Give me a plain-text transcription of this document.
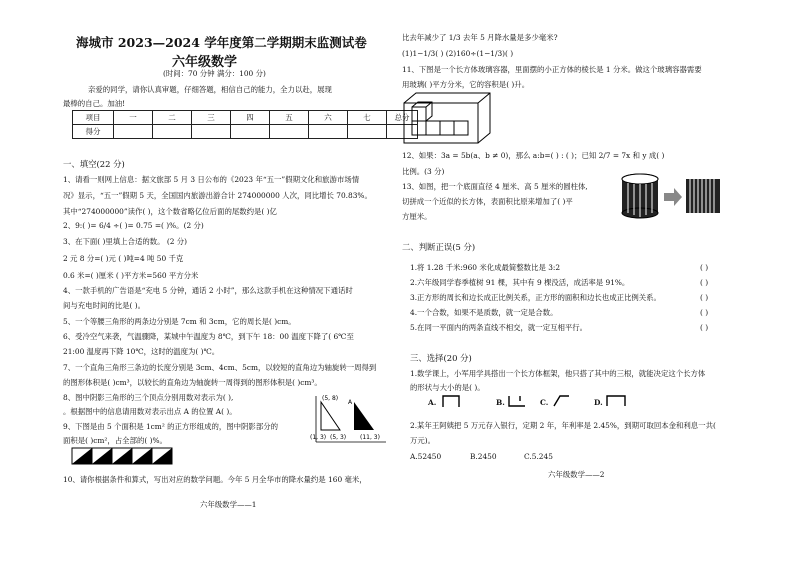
海城市 2023—2024 学年度第二学期期末监测试卷
六年级数学
(时间：70 分钟 满分：100 分)
亲爱的同学，请你认真审题，仔细答题，相信自己的能力，全力以赴，展现
最棒的自己。加油!
项目	一	二	三	四	五	六	七	总分
得分								
一、填空(22 分)
1、请看一则网上信息：据文旅部 5 月 3 日公布的《2023 年“五一”假期文化和旅游市场情
况》显示，“五一”假期 5 天，全国国内旅游出游合计 274000000 人次，同比增长 70.83%。
其中“274000000”读作( )，这个数省略亿位后面的尾数约是( )亿
2、9:( )= 6/4 ÷( )= 0.75 =( )%。(2 分)
3、在下面( )里填上合适的数。 (2 分)
2 元 8 分=( )元 ( )吨=4 吨 50 千克
0.6 米=( )厘米 ( )平方米=560 平方分米
4、一款手机的广告语是“充电 5 分钟，通话 2 小时”，那么这款手机在这种情况下通话时
间与充电时间的比是( )。
5、一个等腰三角形的两条边分别是 7cm 和 3cm，它的周长是( )cm。
6、受冷空气来袭，气温骤降，某城中午温度为 8℃，到下午 18：00 温度下降了( 6℃至
21:00 温度再下降 10℃，这时的温度为( )℃。
7、一个直角三角形三条边的长度分别是 3cm、4cm、5cm，以较短的直角边为轴旋转一周得到
的图形体积是( )cm³，以较长的直角边为轴旋转一周得到的图形体积是( )cm³。
8、图中阴影三角形的三个顶点分别用数对表示为( ),
。根据图中的信息请用数对表示出点 A 的位置 A( )。
9、下图是由 5 个面积是 1cm² 的正方形组成的，图中阴影部分的
面积是( )cm²，占全部的( )%。
10、请你根据条件和算式，写出对应的数学问题。今年 5 月全华市的降水量约是 160 毫米，
(5, 8)
(1, 3) (5, 3) (11, 3)
A
六年级数学——1
比去年减少了 1/3 去年 5 月降水量是多少毫米?
(1)1−1/3( ) (2)160÷(1−1/3)( )
11、下图是一个长方体玻璃容器，里面摆的小正方体的棱长是 1 分米。做这个玻璃容器需要
用玻璃( )平方分米，它的容积是( )升。
12、如果：3a = 5b(a、b ≠ 0)，那么 a:b=( ) : ( )；已知 2/7 = 7x 和 y 成( )
比例。(3 分)
13、如图，把一个底面直径 4 厘米、高 5 厘米的圆柱体,
切拼成一个近似的长方体，表面积比原来增加了( )平
方厘米。
二、判断正误(5 分)
1.将 1.28 千米:960 米化成最简整数比是 3:2	( )
2.六年级同学春季植树 91 棵，其中有 9 棵没活，成活率是 91%。	( )
3.正方形的周长和边长成正比例关系，正方形的面积和边长也成正比例关系。	( )
4.一个合数，如果不是质数，就一定是合数。	( )
5.在同一平面内的两条直线不相交，就一定互相平行。	( )
三、选择(20 分)
1.数学课上，小军用学具搭出一个长方体框架，他只搭了其中的三根，就能决定这个长方体
的形状与大小的是( )。
A.	B.	C.	D.
2.某年王阿姨把 5 万元存入银行，定期 2 年，年利率是 2.45%，到期可取回本金和利息一共(
万元)。
A.52450	B.2450	C.5.245
六年级数学——2
